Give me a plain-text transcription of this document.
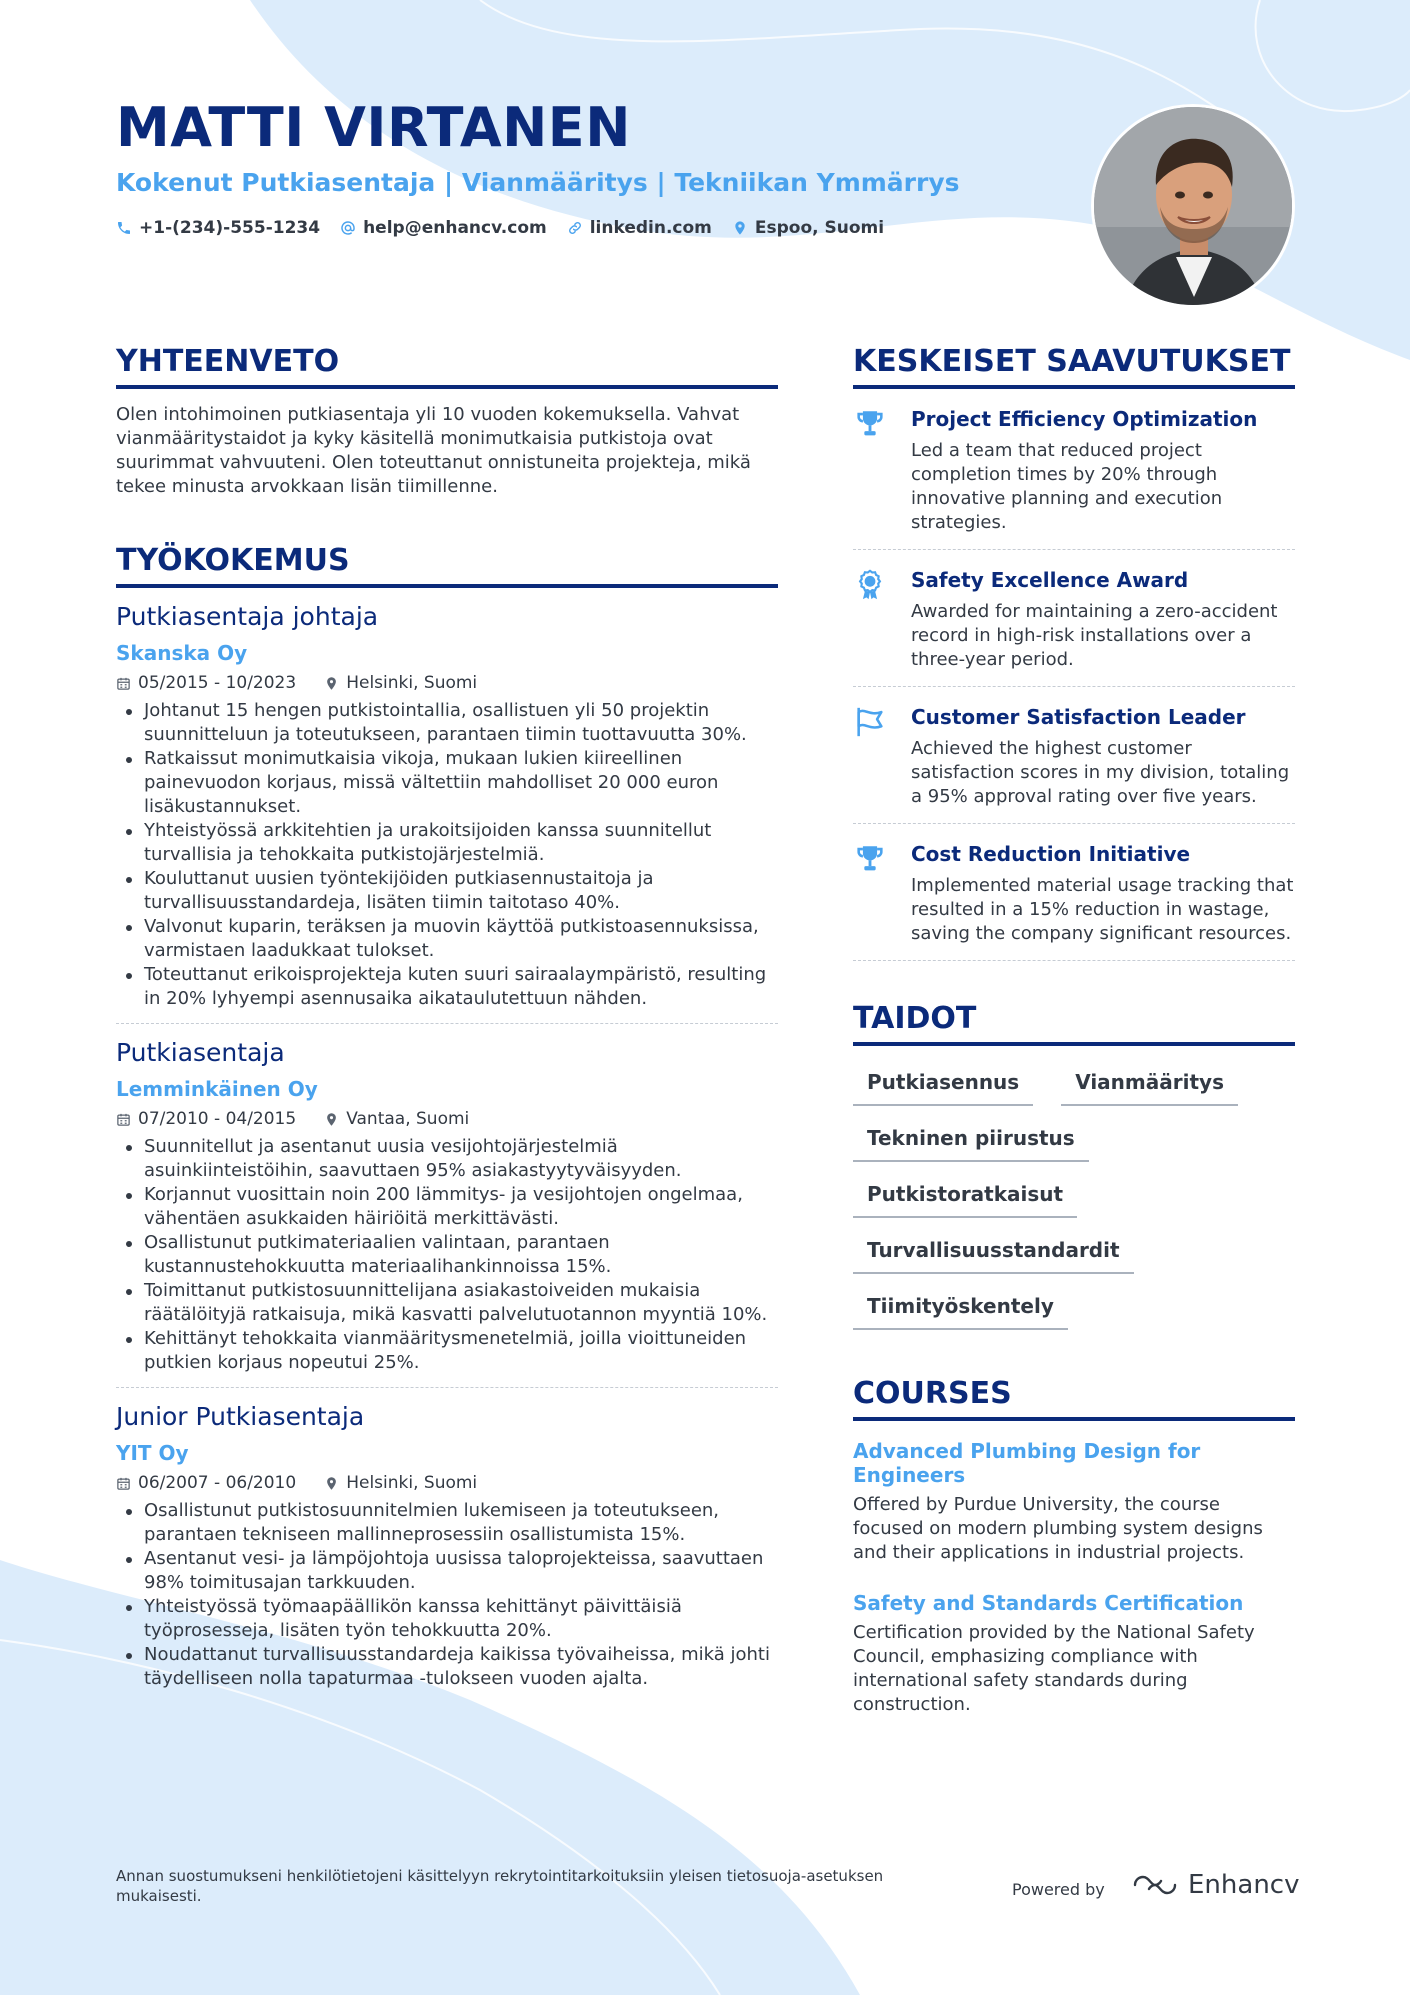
MATTI VIRTANEN
Kokenut Putkiasentaja | Vianmääritys | Tekniikan Ymmärrys
+1-(234)-555-1234	help@enhancv.com	linkedin.com	Espoo, Suomi
YHTEENVETO
Olen intohimoinen putkiasentaja yli 10 vuoden kokemuksella. Vahvat vianmääritystaidot ja kyky käsitellä monimutkaisia putkistoja ovat suurimmat vahvuuteni. Olen toteuttanut onnistuneita projekteja, mikä tekee minusta arvokkaan lisän tiimillenne.
TYÖKOKEMUS
Putkiasentaja johtaja
Skanska Oy
05/2015 - 10/2023	Helsinki, Suomi
Johtanut 15 hengen putkistointallia, osallistuen yli 50 projektin suunnitteluun ja toteutukseen, parantaen tiimin tuottavuutta 30%.
Ratkaissut monimutkaisia vikoja, mukaan lukien kiireellinen painevuodon korjaus, missä vältettiin mahdolliset 20 000 euron lisäkustannukset.
Yhteistyössä arkkitehtien ja urakoitsijoiden kanssa suunnitellut turvallisia ja tehokkaita putkistojärjestelmiä.
Kouluttanut uusien työntekijöiden putkiasennustaitoja ja turvallisuusstandardeja, lisäten tiimin taitotaso 40%.
Valvonut kuparin, teräksen ja muovin käyttöä putkistoasennuksissa, varmistaen laadukkaat tulokset.
Toteuttanut erikoisprojekteja kuten suuri sairaalaympäristö, resulting in 20% lyhyempi asennusaika aikataulutettuun nähden.
Putkiasentaja
Lemminkäinen Oy
07/2010 - 04/2015	Vantaa, Suomi
Suunnitellut ja asentanut uusia vesijohtojärjestelmiä asuinkiinteistöihin, saavuttaen 95% asiakastyytyväisyyden.
Korjannut vuosittain noin 200 lämmitys- ja vesijohtojen ongelmaa, vähentäen asukkaiden häiriöitä merkittävästi.
Osallistunut putkimateriaalien valintaan, parantaen kustannustehokkuutta materiaalihankinnoissa 15%.
Toimittanut putkistosuunnittelijana asiakastoiveiden mukaisia räätälöityjä ratkaisuja, mikä kasvatti palvelutuotannon myyntiä 10%.
Kehittänyt tehokkaita vianmääritysmenetelmiä, joilla vioittuneiden putkien korjaus nopeutui 25%.
Junior Putkiasentaja
YIT Oy
06/2007 - 06/2010	Helsinki, Suomi
Osallistunut putkistosuunnitelmien lukemiseen ja toteutukseen, parantaen tekniseen mallinneprosessiin osallistumista 15%.
Asentanut vesi- ja lämpöjohtoja uusissa taloprojekteissa, saavuttaen 98% toimitusajan tarkkuuden.
Yhteistyössä työmaapäällikön kanssa kehittänyt päivittäisiä työprosesseja, lisäten työn tehokkuutta 20%.
Noudattanut turvallisuusstandardeja kaikissa työvaiheissa, mikä johti täydelliseen nolla tapaturmaa -tulokseen vuoden ajalta.
KESKEISET SAAVUTUKSET
Project Efficiency Optimization
Led a team that reduced project completion times by 20% through innovative planning and execution strategies.
Safety Excellence Award
Awarded for maintaining a zero-accident record in high-risk installations over a three-year period.
Customer Satisfaction Leader
Achieved the highest customer satisfaction scores in my division, totaling a 95% approval rating over five years.
Cost Reduction Initiative
Implemented material usage tracking that resulted in a 15% reduction in wastage, saving the company significant resources.
TAIDOT
Putkiasennus	Vianmääritys
Tekninen piirustus
Putkistoratkaisut
Turvallisuusstandardit
Tiimityöskentely
COURSES
Advanced Plumbing Design for Engineers
Offered by Purdue University, the course focused on modern plumbing system designs and their applications in industrial projects.
Safety and Standards Certification
Certification provided by the National Safety Council, emphasizing compliance with international safety standards during construction.
Annan suostumukseni henkilötietojeni käsittelyyn rekrytointitarkoituksiin yleisen tietosuoja-asetuksen mukaisesti.	Powered by	Enhancv
